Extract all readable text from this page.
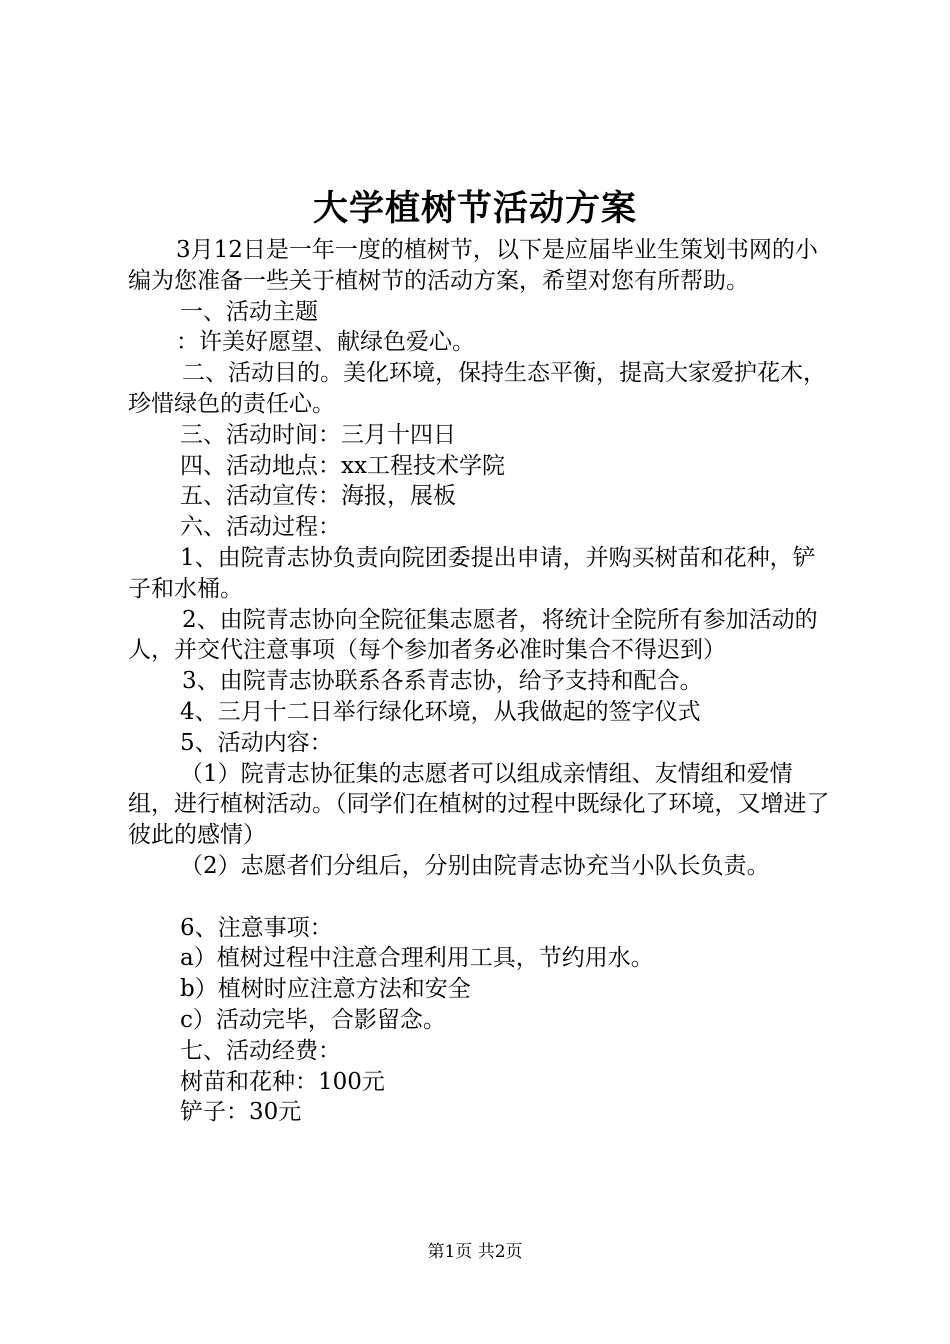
大学植树节活动方案

3月12日是一年一度的植树节，以下是应届毕业生策划书网的小编为您准备一些关于植树节的活动方案，希望对您有所帮助。

一、活动主题

：许美好愿望、献绿色爱心。

二、活动目的。美化环境，保持生态平衡，提高大家爱护花木，珍惜绿色的责任心。

三、活动时间：三月十四日

四、活动地点：xx工程技术学院

五、活动宣传：海报，展板

六、活动过程：

1、由院青志协负责向院团委提出申请，并购买树苗和花种，铲子和水桶。

2、由院青志协向全院征集志愿者，将统计全院所有参加活动的人，并交代注意事项（每个参加者务必准时集合不得迟到）

3、由院青志协联系各系青志协，给予支持和配合。

4、三月十二日举行绿化环境，从我做起的签字仪式

5、活动内容：

（1）院青志协征集的志愿者可以组成亲情组、友情组和爱情组，进行植树活动。（同学们在植树的过程中既绿化了环境，又增进了彼此的感情）

（2）志愿者们分组后，分别由院青志协充当小队长负责。

6、注意事项：

a）植树过程中注意合理利用工具，节约用水。

b）植树时应注意方法和安全

c）活动完毕，合影留念。

七、活动经费：

树苗和花种：100元

铲子：30元

第1页 共2页
